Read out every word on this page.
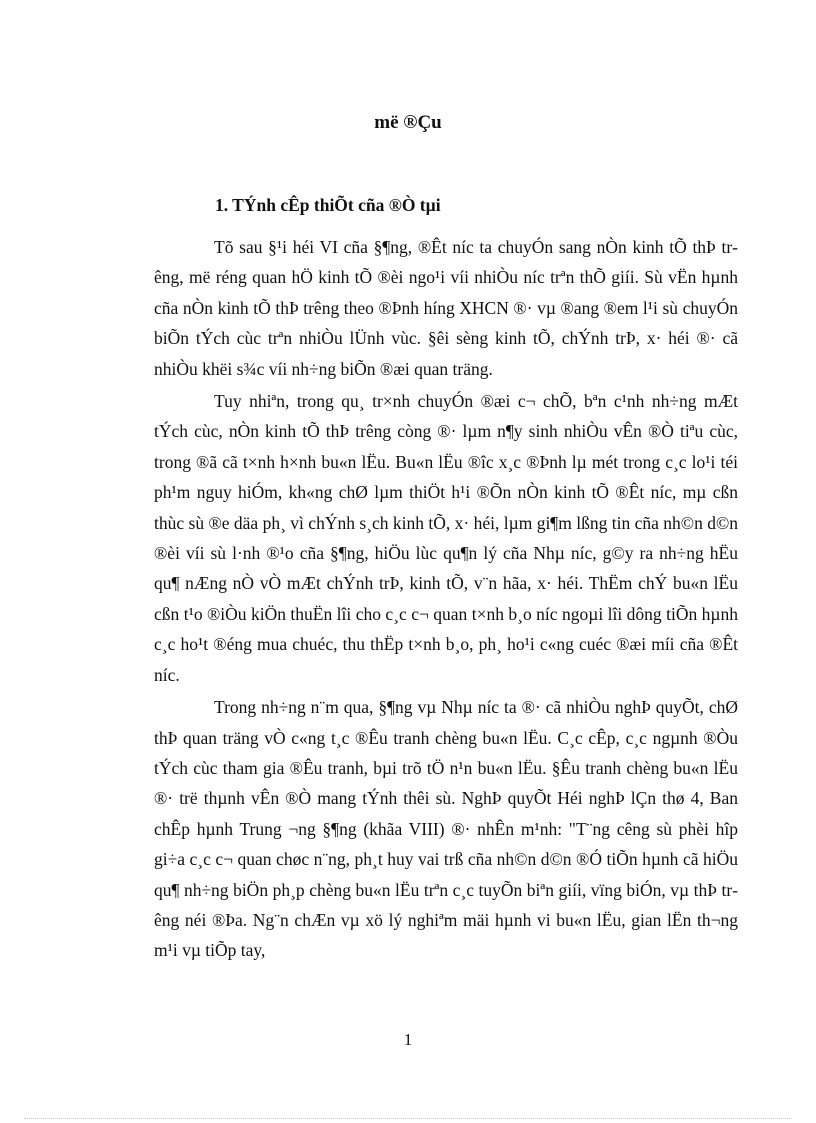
më ®Çu
1. TÝnh cÊp thiÕt cña ®Ò tµi

Tõ sau §¹i héi VI cña §¶ng, ®Êt níc ta chuyÓn sang nÒn kinh tÕ thÞ trêng, më réng quan hÖ kinh tÕ ®èi ngo¹i víi nhiÒu níc trªn thÕ giíi. Sù vËn hµnh cña nÒn kinh tÕ thÞ trêng theo ®Þnh híng XHCN ®· vµ ®ang ®em l¹i sù chuyÓn biÕn tÝch cùc trªn nhiÒu lÜnh vùc. §êi sèng kinh tÕ, chÝnh trÞ, x· héi ®· cã nhiÒu khëi s¾c víi nh÷ng biÕn ®æi quan träng.

Tuy nhiªn, trong qu¸ tr×nh chuyÓn ®æi c¬ chÕ, bªn c¹nh nh÷ng mÆt tÝch cùc, nÒn kinh tÕ thÞ trêng còng ®· lµm n¶y sinh nhiÒu vÊn ®Ò tiªu cùc, trong ®ã cã t×nh h×nh bu«n lËu. Bu«n lËu ®îc x¸c ®Þnh lµ mét trong c¸c lo¹i téi ph¹m nguy hiÓm, kh«ng chØ lµm thiÖt h¹i ®Õn nÒn kinh tÕ ®Êt níc, mµ cßn thùc sù ®e däa ph¸ vì chÝnh s¸ch kinh tÕ, x· héi, lµm gi¶m lßng tin cña nh©n d©n ®èi víi sù l·nh ®¹o cña §¶ng, hiÖu lùc qu¶n lý cña Nhµ níc, g©y ra nh÷ng hËu qu¶ nÆng nÒ vÒ mÆt chÝnh trÞ, kinh tÕ, v¨n hãa, x· héi. ThËm chÝ bu«n lËu cßn t¹o ®iÒu kiÖn thuËn lîi cho c¸c c¬ quan t×nh b¸o níc ngoµi lîi dông tiÕn hµnh c¸c ho¹t ®éng mua chuéc, thu thËp t×nh b¸o, ph¸ ho¹i c«ng cuéc ®æi míi cña ®Êt níc.

Trong nh÷ng n¨m qua, §¶ng vµ Nhµ níc ta ®· cã nhiÒu nghÞ quyÕt, chØ thÞ quan träng vÒ c«ng t¸c ®Êu tranh chèng bu«n lËu. C¸c cÊp, c¸c ngµnh ®Òu tÝch cùc tham gia ®Êu tranh, bµi trõ tÖ n¹n bu«n lËu. §Êu tranh chèng bu«n lËu ®· trë thµnh vÊn ®Ò mang tÝnh thêi sù. NghÞ quyÕt Héi nghÞ lÇn thø 4, Ban chÊp hµnh Trung ¬ng §¶ng (khãa VIII) ®· nhÊn m¹nh: "T¨ng cêng sù phèi hîp gi÷a c¸c c¬ quan chøc n¨ng, ph¸t huy vai trß cña nh©n d©n ®Ó tiÕn hµnh cã hiÖu qu¶ nh÷ng biÖn ph¸p chèng bu«n lËu trªn c¸c tuyÕn biªn giíi, vïng biÓn, vµ thÞ trêng néi ®Þa. Ng¨n chÆn vµ xö lý nghiªm mäi hµnh vi bu«n lËu, gian lËn th¬ng m¹i vµ tiÕp tay,

1
